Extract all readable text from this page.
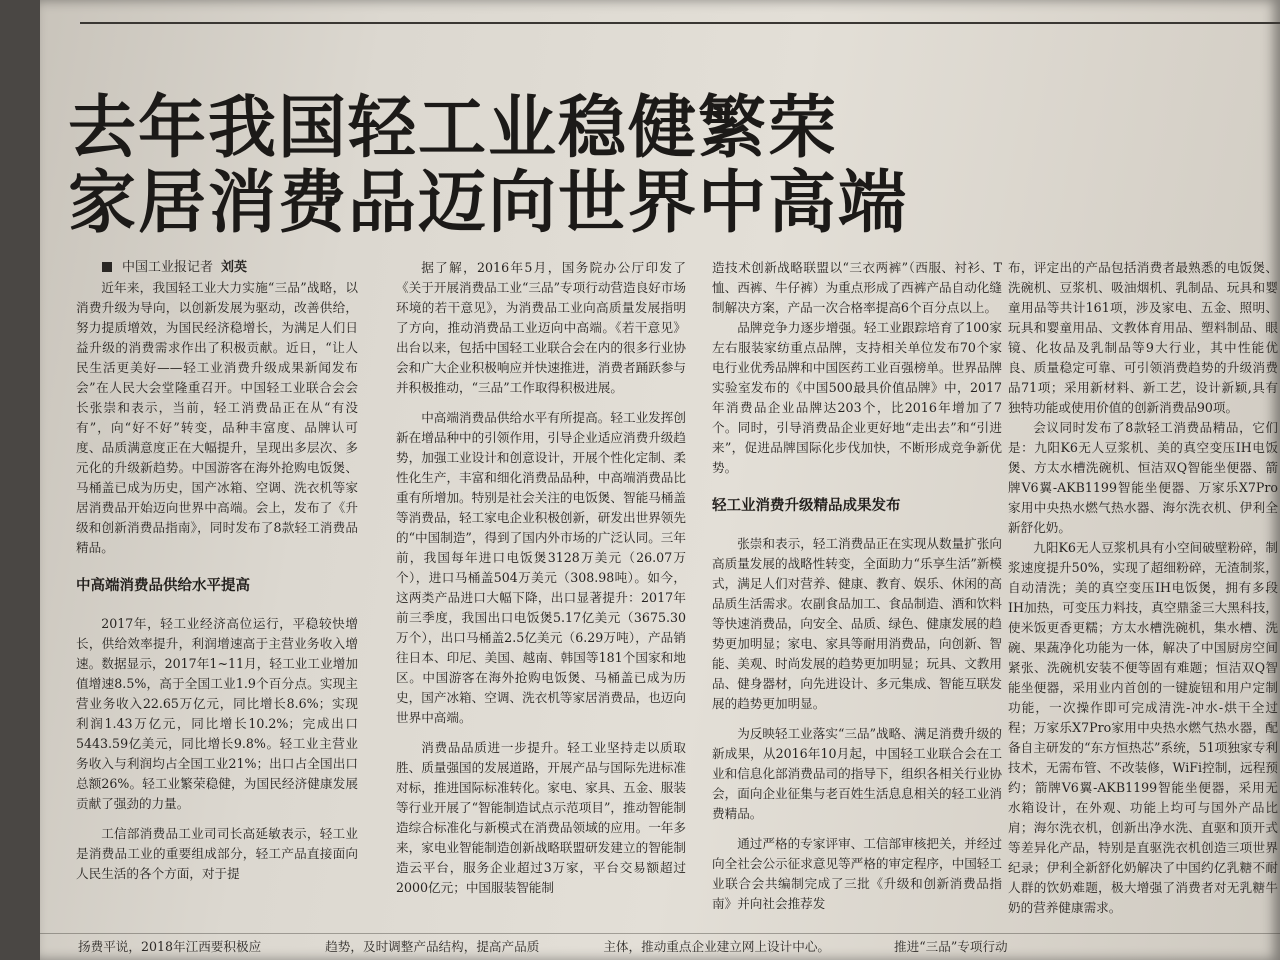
去年我国轻工业稳健繁荣
家居消费品迈向世界中高端

中国工业报记者 刘英

近年来，我国轻工业大力实施“三品”战略，以消费升级为导向，以创新发展为驱动，改善供给，努力提质增效，为国民经济稳增长，为满足人们日益升级的消费需求作出了积极贡献。近日，“让人民生活更美好——轻工业消费升级成果新闻发布会”在人民大会堂隆重召开。中国轻工业联合会会长张崇和表示，当前，轻工消费品正在从“有没有”，向“好不好”转变，品种丰富度、品牌认可度、品质满意度正在大幅提升，呈现出多层次、多元化的升级新趋势。中国游客在海外抢购电饭煲、马桶盖已成为历史，国产冰箱、空调、洗衣机等家居消费品开始迈向世界中高端。会上，发布了《升级和创新消费品指南》，同时发布了8款轻工消费品精品。

中高端消费品供给水平提高

2017年，轻工业经济高位运行，平稳较快增长，供给效率提升，利润增速高于主营业务收入增速。数据显示，2017年1~11月，轻工业工业增加值增速8.5%，高于全国工业1.9个百分点。实现主营业务收入22.65万亿元，同比增长8.6%；实现利润1.43万亿元，同比增长10.2%；完成出口5443.59亿美元，同比增长9.8%。轻工业主营业务收入与利润均占全国工业21%；出口占全国出口总额26%。轻工业繁荣稳健，为国民经济健康发展贡献了强劲的力量。

工信部消费品工业司司长高延敏表示，轻工业是消费品工业的重要组成部分，轻工产品直接面向人民生活的各个方面，对于提

据了解，2016年5月，国务院办公厅印发了《关于开展消费品工业“三品”专项行动营造良好市场环境的若干意见》，为消费品工业向高质量发展指明了方向，推动消费品工业迈向中高端。《若干意见》出台以来，包括中国轻工业联合会在内的很多行业协会和广大企业积极响应并快速推进，消费者踊跃参与并积极推动，“三品”工作取得积极进展。

中高端消费品供给水平有所提高。轻工业发挥创新在增品种中的引领作用，引导企业适应消费升级趋势，加强工业设计和创意设计，开展个性化定制、柔性化生产，丰富和细化消费品品种，中高端消费品比重有所增加。特别是社会关注的电饭煲、智能马桶盖等消费品，轻工家电企业积极创新，研发出世界领先的“中国制造”，得到了国内外市场的广泛认同。三年前，我国每年进口电饭煲3128万美元（26.07万个），进口马桶盖504万美元（308.98吨）。如今，这两类产品进口大幅下降，出口显著提升：2017年前三季度，我国出口电饭煲5.17亿美元（3675.30万个），出口马桶盖2.5亿美元（6.29万吨），产品销往日本、印尼、美国、越南、韩国等181个国家和地区。中国游客在海外抢购电饭煲、马桶盖已成为历史，国产冰箱、空调、洗衣机等家居消费品，也迈向世界中高端。

消费品品质进一步提升。轻工业坚持走以质取胜、质量强国的发展道路，开展产品与国际先进标准对标，推进国际标准转化。家电、家具、五金、服装等行业开展了“智能制造试点示范项目”，推动智能制造综合标准化与新模式在消费品领域的应用。一年多来，家电业智能制造创新战略联盟研发建立的智能制造云平台，服务企业超过3万家，平台交易额超过2000亿元；中国服装智能制

造技术创新战略联盟以“三衣两裤”（西服、衬衫、T恤、西裤、牛仔裤）为重点形成了西裤产品自动化缝制解决方案，产品一次合格率提高6个百分点以上。

品牌竞争力逐步增强。轻工业跟踪培育了100家左右服装家纺重点品牌，支持相关单位发布70个家电行业优秀品牌和中国医药工业百强榜单。世界品牌实验室发布的《中国500最具价值品牌》中，2017年消费品企业品牌达203个，比2016年增加了7个。同时，引导消费品企业更好地“走出去”和“引进来”，促进品牌国际化步伐加快，不断形成竞争新优势。

轻工业消费升级精品成果发布

张崇和表示，轻工消费品正在实现从数量扩张向高质量发展的战略性转变，全面助力“乐享生活”新模式，满足人们对营养、健康、教育、娱乐、休闲的高品质生活需求。农副食品加工、食品制造、酒和饮料等快速消费品，向安全、品质、绿色、健康发展的趋势更加明显；家电、家具等耐用消费品，向创新、智能、美观、时尚发展的趋势更加明显；玩具、文教用品、健身器材，向先进设计、多元集成、智能互联发展的趋势更加明显。

为反映轻工业落实“三品”战略、满足消费升级的新成果，从2016年10月起，中国轻工业联合会在工业和信息化部消费品司的指导下，组织各相关行业协会，面向企业征集与老百姓生活息息相关的轻工业消费精品。

通过严格的专家评审、工信部审核把关，并经过向全社会公示征求意见等严格的审定程序，中国轻工业联合会共编制完成了三批《升级和创新消费品指南》并向社会推荐发

布，评定出的产品包括消费者最熟悉的电饭煲、洗碗机、豆浆机、吸油烟机、乳制品、玩具和婴童用品等共计161项，涉及家电、五金、照明、玩具和婴童用品、文教体育用品、塑料制品、眼镜、化妆品及乳制品等9大行业，其中性能优良、质量稳定可靠、可引领消费趋势的升级消费品71项；采用新材料、新工艺，设计新颖,具有独特功能或使用价值的创新消费品90项。

会议同时发布了8款轻工消费品精品，它们是：九阳K6无人豆浆机、美的真空变压IH电饭煲、方太水槽洗碗机、恒洁双Q智能坐便器、箭牌V6翼-AKB1199智能坐便器、万家乐X7Pro家用中央热水燃气热水器、海尔洗衣机、伊利全新舒化奶。

九阳K6无人豆浆机具有小空间破壁粉碎，制浆速度提升50%，实现了超细粉碎，无渣制浆，自动清洗；美的真空变压IH电饭煲，拥有多段IH加热，可变压力料技，真空鼎釜三大黑科技，使米饭更香更糯；方太水槽洗碗机，集水槽、洗碗、果蔬净化功能为一体，解决了中国厨房空间紧张、洗碗机安装不便等固有难题；恒洁双Q智能坐便器，采用业内首创的一键旋钮和用户定制功能，一次操作即可完成清洗-冲水-烘干全过程；万家乐X7Pro家用中央热水燃气热水器，配备自主研发的“东方恒热芯”系统，51项独家专利技术，无需布管、不改装修，WiFi控制，远程预约；箭牌V6翼-AKB1199智能坐便器，采用无水箱设计，在外观、功能上均可与国外产品比肩；海尔洗衣机，创新出净水洗、直驱和顶开式等差异化产品，特别是直驱洗衣机创造三项世界纪录；伊利全新舒化奶解决了中国约亿乳糖不耐人群的饮奶难题，极大增强了消费者对无乳糖牛奶的营养健康需求。

扬费平说，2018年江西要积极应	趋势，及时调整产品结构，提高产品质	主体，推动重点企业建立网上设计中心。	推进“三品”专项行动
